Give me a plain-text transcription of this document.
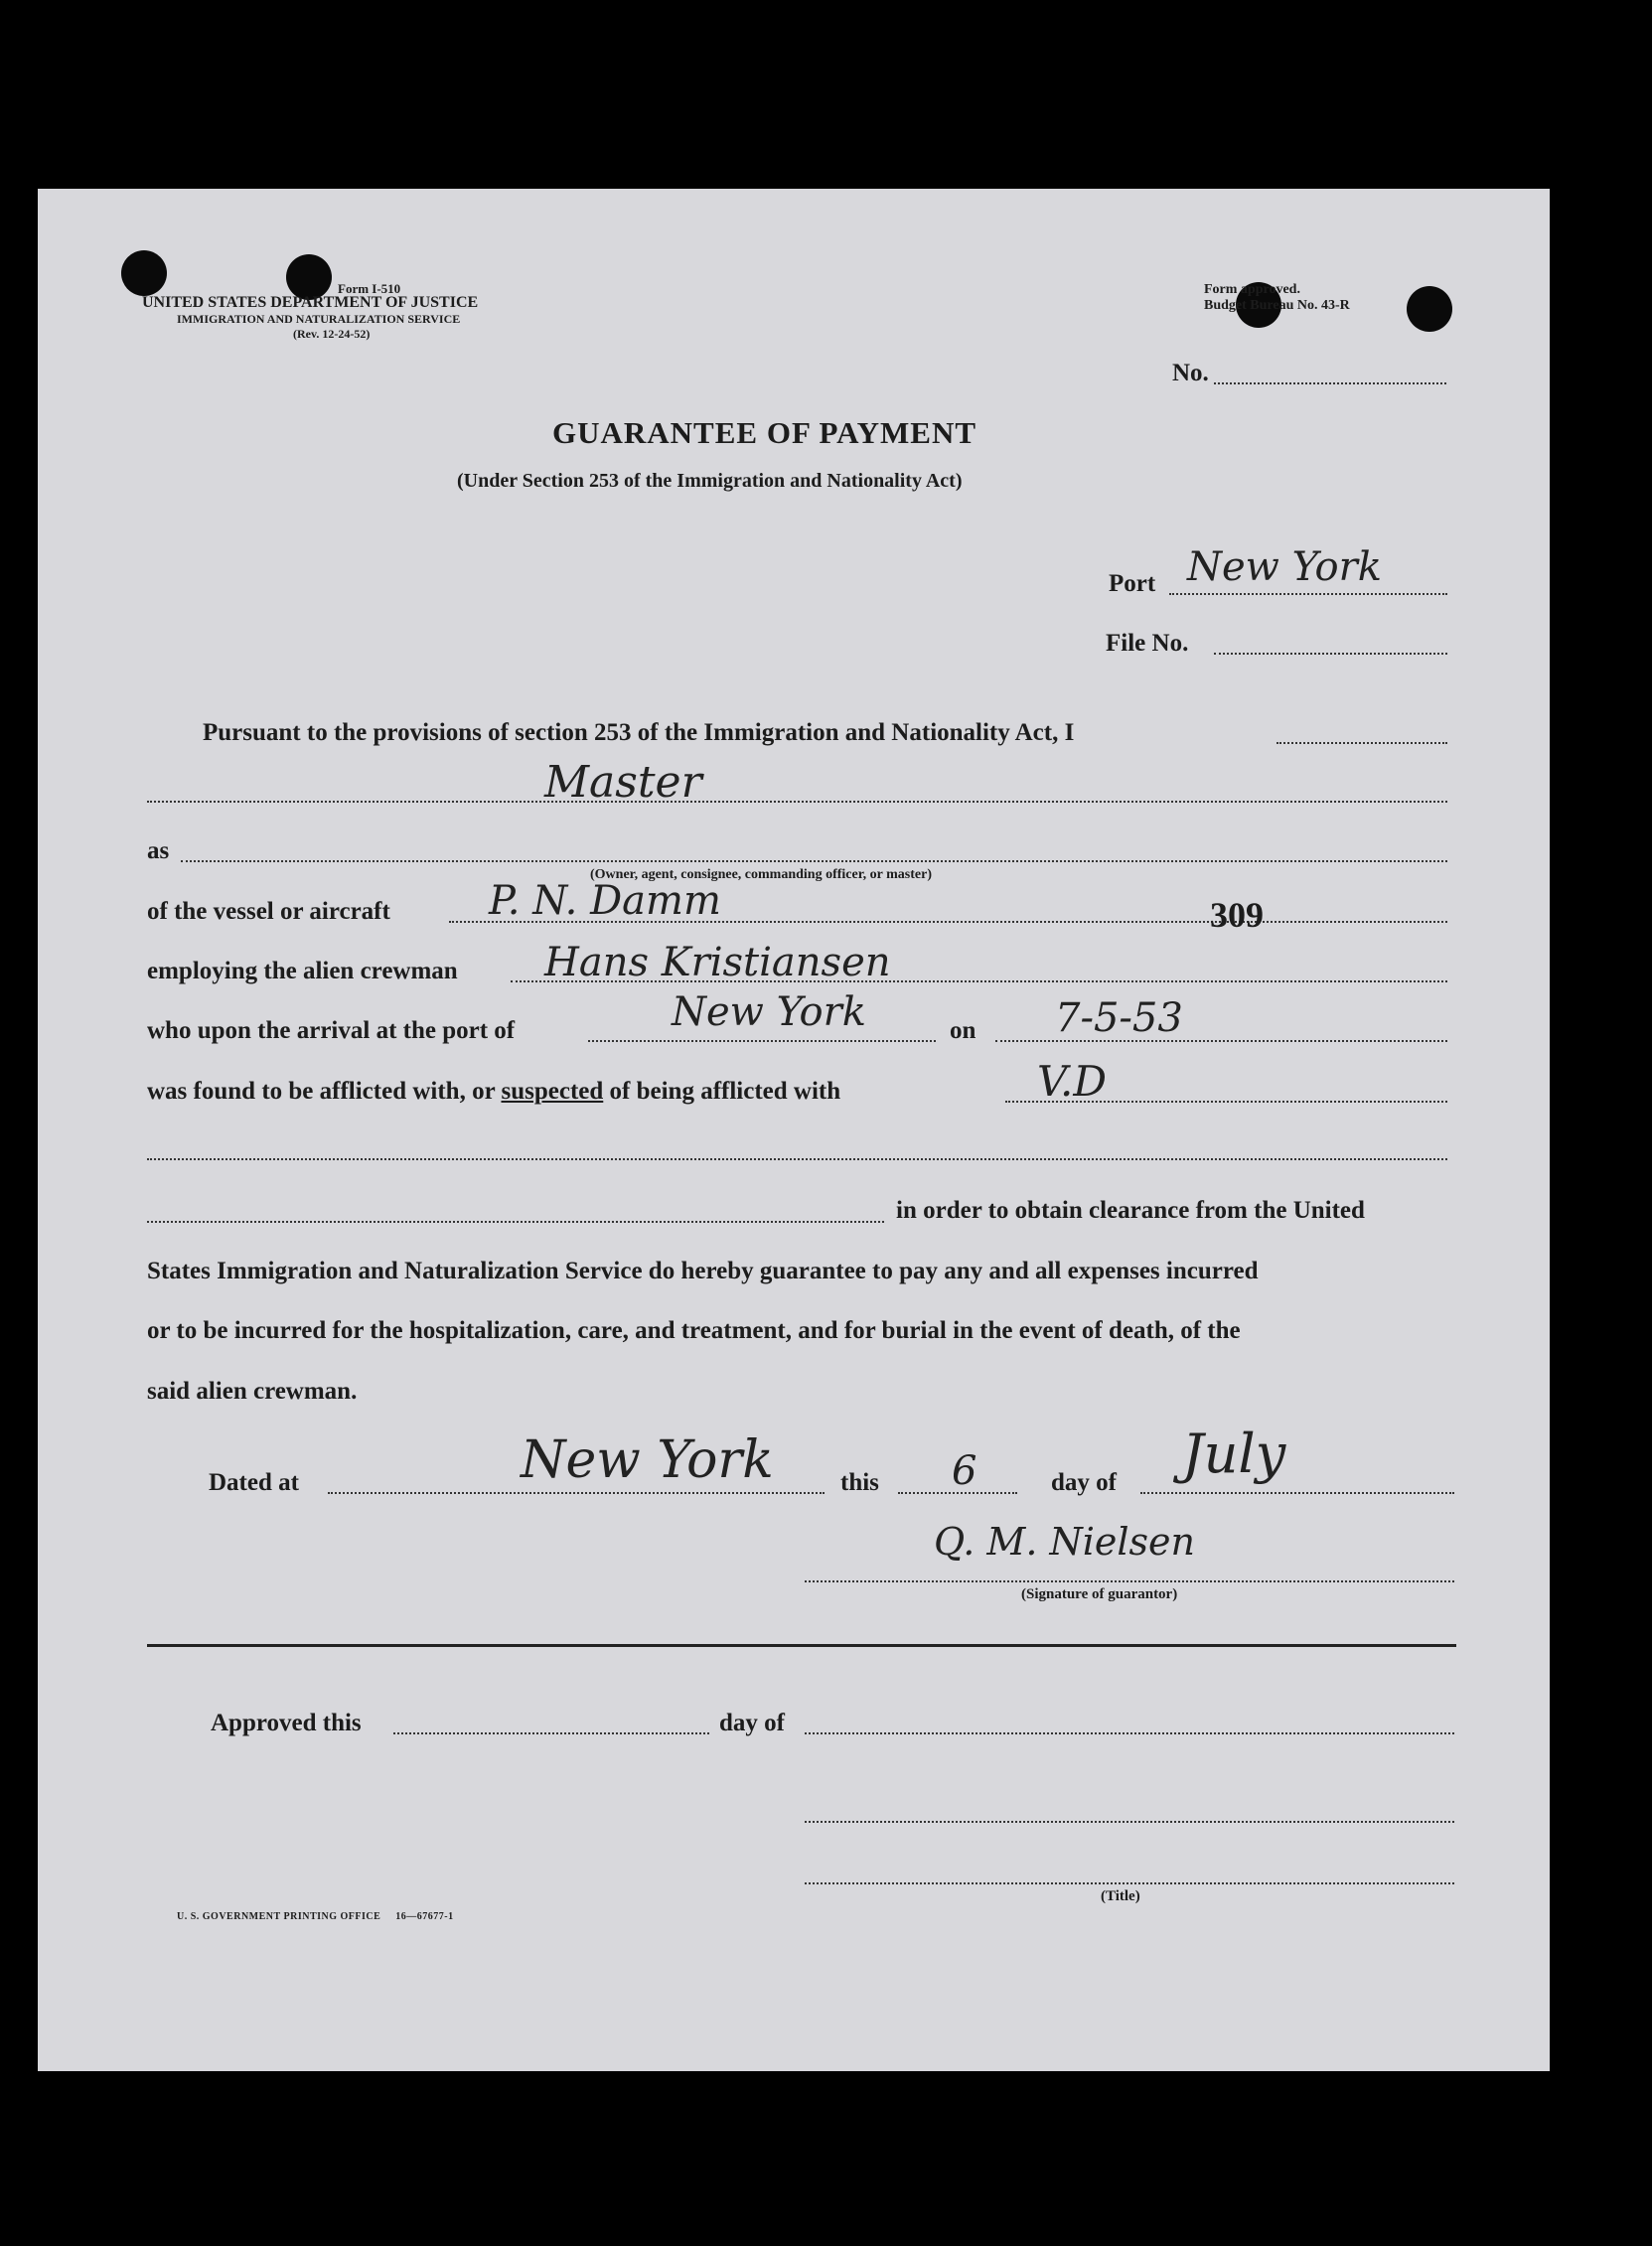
Form I-510
UNITED STATES DEPARTMENT OF JUSTICE
IMMIGRATION AND NATURALIZATION SERVICE
(Rev. 12-24-52)
Form approved.
Budget Bureau No. 43-R
No.
GUARANTEE OF PAYMENT
(Under Section 253 of the Immigration and Nationality Act)
Port New York
File No.
Pursuant to the provisions of section 253 of the Immigration and Nationality Act, I
Master
as
(Owner, agent, consignee, commanding officer, or master)
of the vessel or aircraft P. N. Damm	309
employing the alien crewman Hans Kristiansen
who upon the arrival at the port of	New York	on 7-5-53
was found to be afflicted with, or suspected of being afflicted with	V.D
in order to obtain clearance from the United
States Immigration and Naturalization Service do hereby guarantee to pay any and all expenses incurred
or to be incurred for the hospitalization, care, and treatment, and for burial in the event of death, of the
said alien crewman.
Dated at	New York	this 6	day of July
Q. M. Nielsen
(Signature of guarantor)
Approved this	day of
(Title)
U. S. GOVERNMENT PRINTING OFFICE     16—67677-1
